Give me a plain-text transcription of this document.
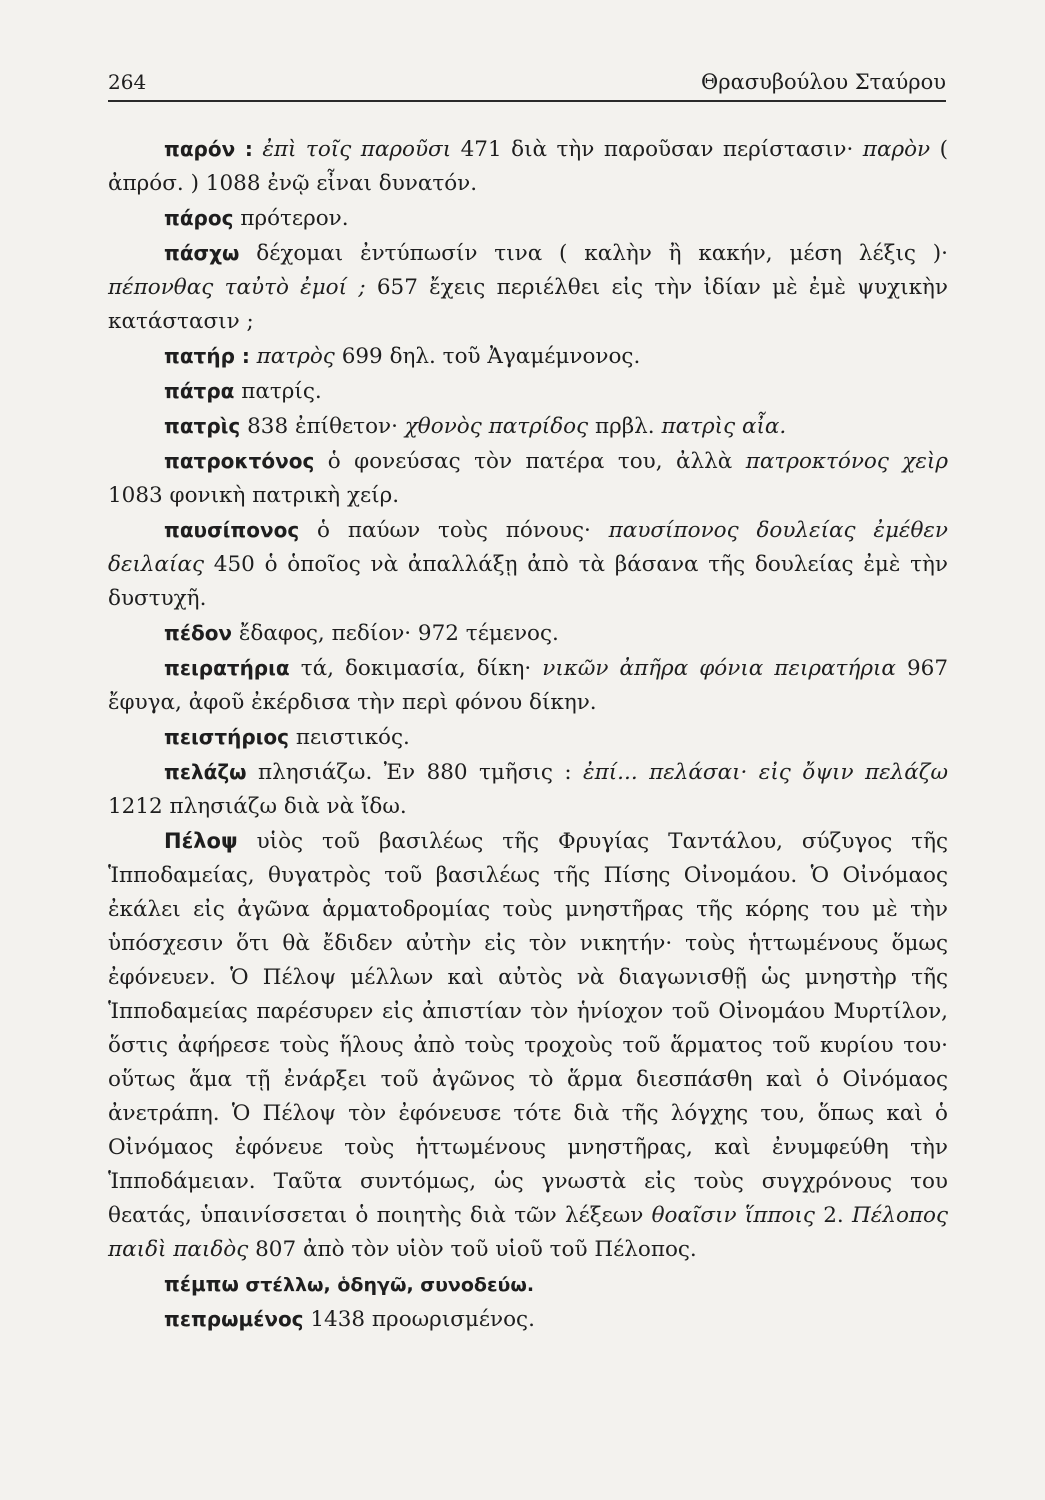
264	Θρασυβούλου Σταύρου

παρόν : ἐπὶ τοῖς παροῦσι 471 διὰ τὴν παροῦσαν περίστασιν· παρὸν ( ἀπρόσ. ) 1088 ἐνῷ εἶναι δυνατόν.

πάρος πρότερον.

πάσχω δέχομαι ἐντύπωσίν τινα ( καλὴν ἢ κακήν, μέση λέξις )· πέπονθας ταὐτὸ ἐμοί ; 657 ἔχεις περιέλθει εἰς τὴν ἰδίαν μὲ ἐμὲ ψυχικὴν κατάστασιν ;

πατήρ : πατρὸς 699 δηλ. τοῦ Ἀγαμέμνονος.

πάτρα πατρίς.

πατρὶς 838 ἐπίθετον· χθονὸς πατρίδος πρβλ. πατρὶς αἶα.

πατροκτόνος ὁ φονεύσας τὸν πατέρα του, ἀλλὰ πατροκτόνος χεὶρ 1083 φονικὴ πατρικὴ χείρ.

παυσίπονος ὁ παύων τοὺς πόνους· παυσίπονος δουλείας ἐμέθεν δειλαίας 450 ὁ ὁποῖος νὰ ἀπαλλάξῃ ἀπὸ τὰ βάσανα τῆς δουλείας ἐμὲ τὴν δυστυχῆ.

πέδον ἔδαφος, πεδίον· 972 τέμενος.

πειρατήρια τά, δοκιμασία, δίκη· νικῶν ἀπῆρα φόνια πειρατήρια 967 ἔφυγα, ἀφοῦ ἐκέρδισα τὴν περὶ φόνου δίκην.

πειστήριος πειστικός.

πελάζω πλησιάζω. Ἐν 880 τμῆσις : ἐπί... πελάσαι· εἰς ὄψιν πελάζω 1212 πλησιάζω διὰ νὰ ἴδω.

Πέλοψ υἱὸς τοῦ βασιλέως τῆς Φρυγίας Ταντάλου, σύζυγος τῆς Ἱπποδαμείας, θυγατρὸς τοῦ βασιλέως τῆς Πίσης Οἰνομάου. Ὁ Οἰνόμαος ἐκάλει εἰς ἀγῶνα ἁρματοδρομίας τοὺς μνηστῆρας τῆς κόρης του μὲ τὴν ὑπόσχεσιν ὅτι θὰ ἔδιδεν αὐτὴν εἰς τὸν νικητήν· τοὺς ἡττωμένους ὅμως ἐφόνευεν. Ὁ Πέλοψ μέλλων καὶ αὐτὸς νὰ διαγωνισθῇ ὡς μνηστὴρ τῆς Ἱπποδαμείας παρέσυρεν εἰς ἀπιστίαν τὸν ἡνίοχον τοῦ Οἰνομάου Μυρτίλον, ὅστις ἀφήρεσε τοὺς ἥλους ἀπὸ τοὺς τροχοὺς τοῦ ἅρματος τοῦ κυρίου του· οὕτως ἅμα τῇ ἐνάρξει τοῦ ἀγῶνος τὸ ἅρμα διεσπάσθη καὶ ὁ Οἰνόμαος ἀνετράπη. Ὁ Πέλοψ τὸν ἐφόνευσε τότε διὰ τῆς λόγχης του, ὅπως καὶ ὁ Οἰνόμαος ἐφόνευε τοὺς ἡττωμένους μνηστῆρας, καὶ ἐνυμφεύθη τὴν Ἱπποδάμειαν. Ταῦτα συντόμως, ὡς γνωστὰ εἰς τοὺς συγχρόνους του θεατάς, ὑπαινίσσεται ὁ ποιητὴς διὰ τῶν λέξεων θοαῖσιν ἵπποις 2. Πέλοπος παιδὶ παιδὸς 807 ἀπὸ τὸν υἱὸν τοῦ υἱοῦ τοῦ Πέλοπος.

πέμπω στέλλω, ὁδηγῶ, συνοδεύω.

πεπρωμένος 1438 προωρισμένος.
